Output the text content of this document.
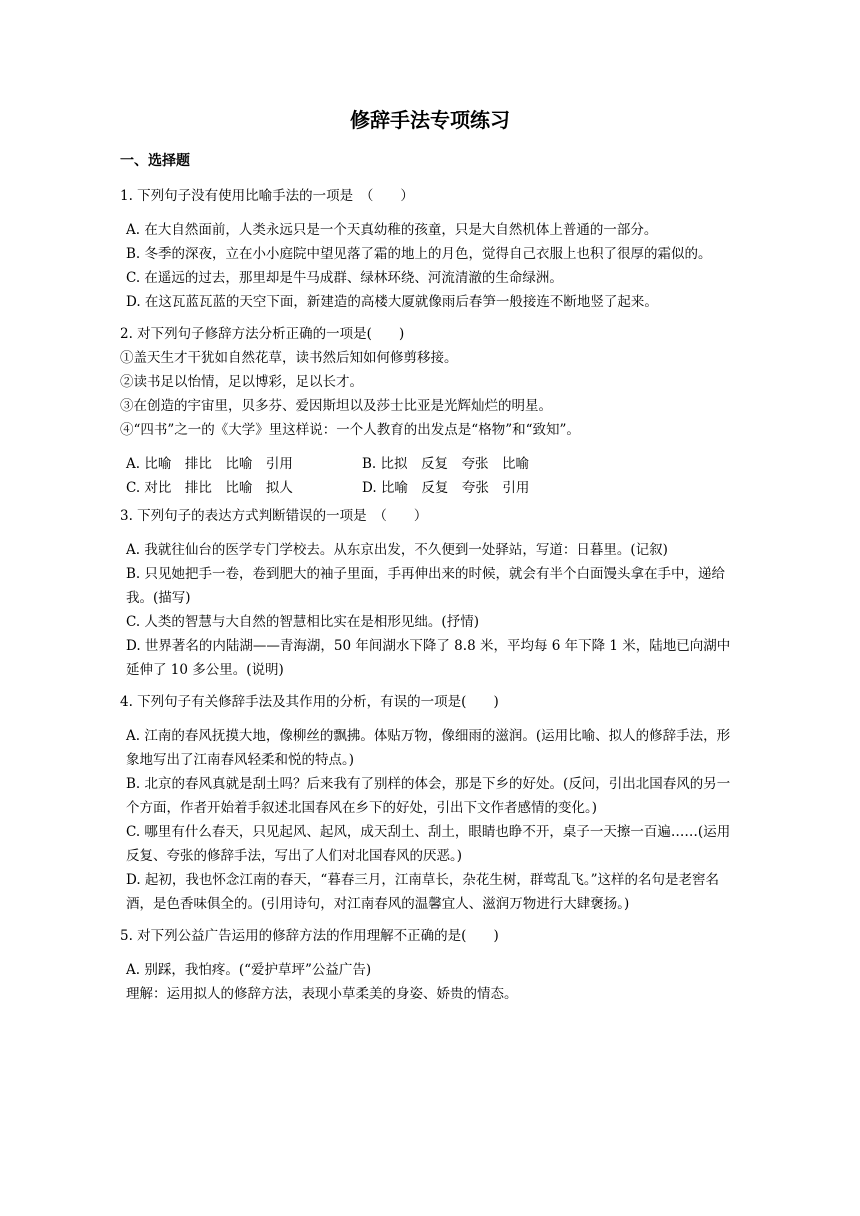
修辞手法专项练习
一、选择题
1. 下列句子没有使用比喻手法的一项是　（　　）
A. 在大自然面前，人类永远只是一个天真幼稚的孩童，只是大自然机体上普通的一部分。
B. 冬季的深夜，立在小小庭院中望见落了霜的地上的月色，觉得自己衣服上也积了很厚的霜似的。
C. 在遥远的过去，那里却是牛马成群、绿林环绕、河流清澈的生命绿洲。
D. 在这瓦蓝瓦蓝的天空下面，新建造的高楼大厦就像雨后春笋一般接连不断地竖了起来。
2. 对下列句子修辞方法分析正确的一项是(　　)
①盖天生才干犹如自然花草，读书然后知如何修剪移接。
②读书足以怡情，足以博彩，足以长才。
③在创造的宇宙里，贝多芬、爱因斯坦以及莎士比亚是光辉灿烂的明星。
④“四书”之一的《大学》里这样说：一个人教育的出发点是“格物”和“致知”。
A. 比喻　排比　比喻　引用	B. 比拟　反复　夸张　比喻
C. 对比　排比　比喻　拟人	D. 比喻　反复　夸张　引用
3. 下列句子的表达方式判断错误的一项是　（　　）
A. 我就往仙台的医学专门学校去。从东京出发，不久便到一处驿站，写道：日暮里。(记叙)
B. 只见她把手一卷，卷到肥大的袖子里面，手再伸出来的时候，就会有半个白面馒头拿在手中，递给我。(描写)
C. 人类的智慧与大自然的智慧相比实在是相形见绌。(抒情)
D. 世界著名的内陆湖——青海湖，50 年间湖水下降了 8.8 米，平均每 6 年下降 1 米，陆地已向湖中延伸了 10 多公里。(说明)
4. 下列句子有关修辞手法及其作用的分析，有误的一项是(　　)
A. 江南的春风抚摸大地，像柳丝的飘拂。体贴万物，像细雨的滋润。(运用比喻、拟人的修辞手法，形象地写出了江南春风轻柔和悦的特点。)
B. 北京的春风真就是刮土吗？后来我有了别样的体会，那是下乡的好处。(反问，引出北国春风的另一个方面，作者开始着手叙述北国春风在乡下的好处，引出下文作者感情的变化。)
C. 哪里有什么春天，只见起风、起风，成天刮土、刮土，眼睛也睁不开，桌子一天擦一百遍……(运用反复、夸张的修辞手法，写出了人们对北国春风的厌恶。)
D. 起初，我也怀念江南的春天，“暮春三月，江南草长，杂花生树，群莺乱飞。”这样的名句是老窖名酒，是色香味俱全的。(引用诗句，对江南春风的温馨宜人、滋润万物进行大肆褒扬。)
5. 对下列公益广告运用的修辞方法的作用理解不正确的是(　　)
A. 别踩，我怕疼。(“爱护草坪”公益广告)
理解：运用拟人的修辞方法，表现小草柔美的身姿、娇贵的情态。
